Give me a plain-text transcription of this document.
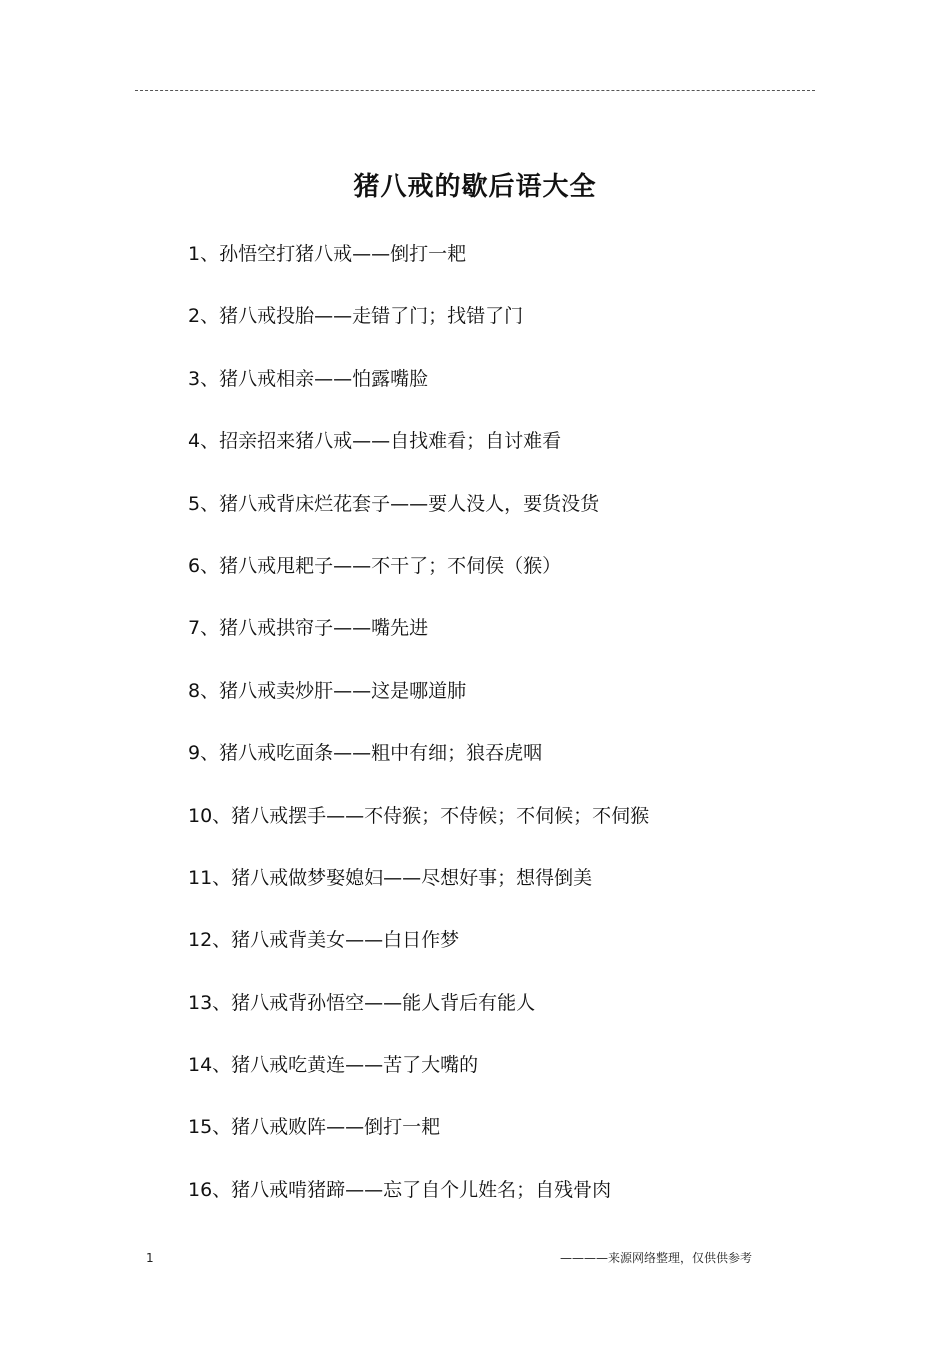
猪八戒的歇后语大全
1、孙悟空打猪八戒——倒打一耙
2、猪八戒投胎——走错了门；找错了门
3、猪八戒相亲——怕露嘴脸
4、招亲招来猪八戒——自找难看；自讨难看
5、猪八戒背床烂花套子——要人没人，要货没货
6、猪八戒甩耙子——不干了；不伺侯（猴）
7、猪八戒拱帘子——嘴先进
8、猪八戒卖炒肝——这是哪道肺
9、猪八戒吃面条——粗中有细；狼吞虎咽
10、猪八戒摆手——不侍猴；不侍候；不伺候；不伺猴
11、猪八戒做梦娶媳妇——尽想好事；想得倒美
12、猪八戒背美女——白日作梦
13、猪八戒背孙悟空——能人背后有能人
14、猪八戒吃黄连——苦了大嘴的
15、猪八戒败阵——倒打一耙
16、猪八戒啃猪蹄——忘了自个儿姓名；自残骨肉
1	————来源网络整理，仅供供参考
